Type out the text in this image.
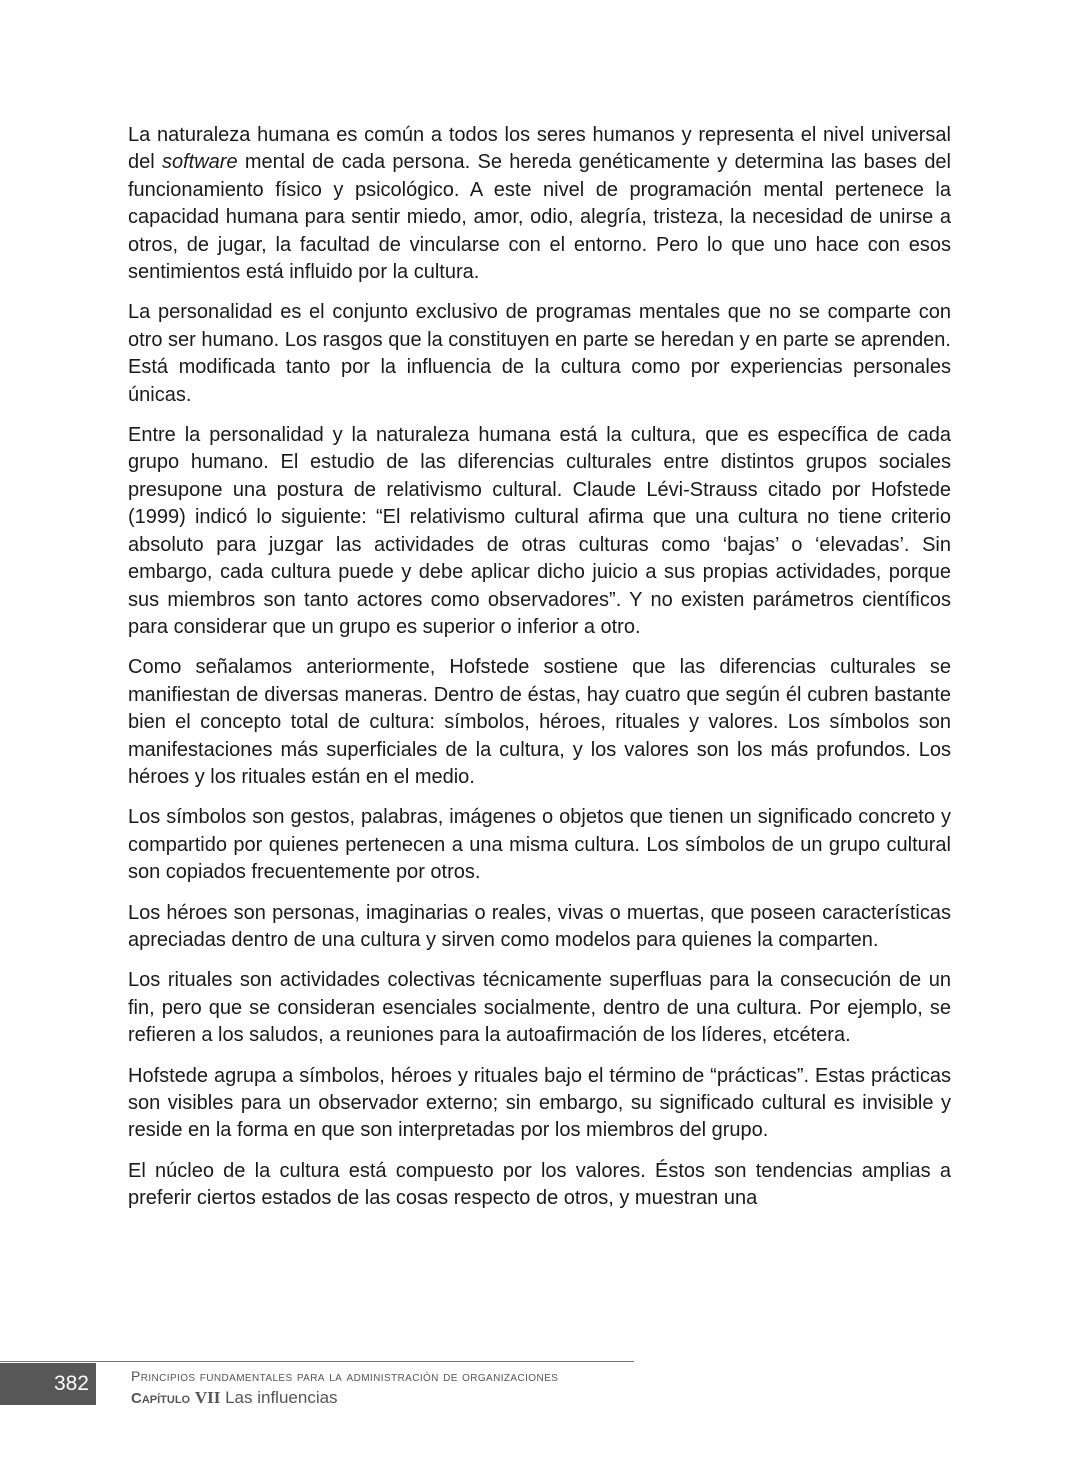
La naturaleza humana es común a todos los seres humanos y representa el nivel universal del software mental de cada persona. Se hereda genéticamente y determina las bases del funcionamiento físico y psicológico. A este nivel de programación mental pertenece la capacidad humana para sentir miedo, amor, odio, alegría, tristeza, la necesidad de unirse a otros, de jugar, la facultad de vincularse con el entorno. Pero lo que uno hace con esos sentimientos está influido por la cultura.

La personalidad es el conjunto exclusivo de programas mentales que no se comparte con otro ser humano. Los rasgos que la constituyen en parte se heredan y en parte se aprenden. Está modificada tanto por la influencia de la cultura como por experiencias personales únicas.

Entre la personalidad y la naturaleza humana está la cultura, que es específica de cada grupo humano. El estudio de las diferencias culturales entre distintos grupos sociales presupone una postura de relativismo cultural. Claude Lévi-Strauss citado por Hofstede (1999) indicó lo siguiente: “El relativismo cultural afirma que una cultura no tiene criterio absoluto para juzgar las actividades de otras culturas como ‘bajas’ o ‘elevadas’. Sin embargo, cada cultura puede y debe aplicar dicho juicio a sus propias actividades, porque sus miembros son tanto actores como observadores”. Y no existen parámetros científicos para considerar que un grupo es superior o inferior a otro.

Como señalamos anteriormente, Hofstede sostiene que las diferencias culturales se manifiestan de diversas maneras. Dentro de éstas, hay cuatro que según él cubren bastante bien el concepto total de cultura: símbolos, héroes, rituales y valores. Los símbolos son manifestaciones más superficiales de la cultura, y los valores son los más profundos. Los héroes y los rituales están en el medio.

Los símbolos son gestos, palabras, imágenes o objetos que tienen un significado concreto y compartido por quienes pertenecen a una misma cultura. Los símbolos de un grupo cultural son copiados frecuentemente por otros.

Los héroes son personas, imaginarias o reales, vivas o muertas, que poseen características apreciadas dentro de una cultura y sirven como modelos para quienes la comparten.

Los rituales son actividades colectivas técnicamente superfluas para la consecución de un fin, pero que se consideran esenciales socialmente, dentro de una cultura. Por ejemplo, se refieren a los saludos, a reuniones para la autoafirmación de los líderes, etcétera.

Hofstede agrupa a símbolos, héroes y rituales bajo el término de “prácticas”. Estas prácticas son visibles para un observador externo; sin embargo, su significado cultural es invisible y reside en la forma en que son interpretadas por los miembros del grupo.

El núcleo de la cultura está compuesto por los valores. Éstos son tendencias amplias a preferir ciertos estados de las cosas respecto de otros, y muestran una

382	Principios fundamentales para la administración de organizaciones
Capítulo VII Las influencias
